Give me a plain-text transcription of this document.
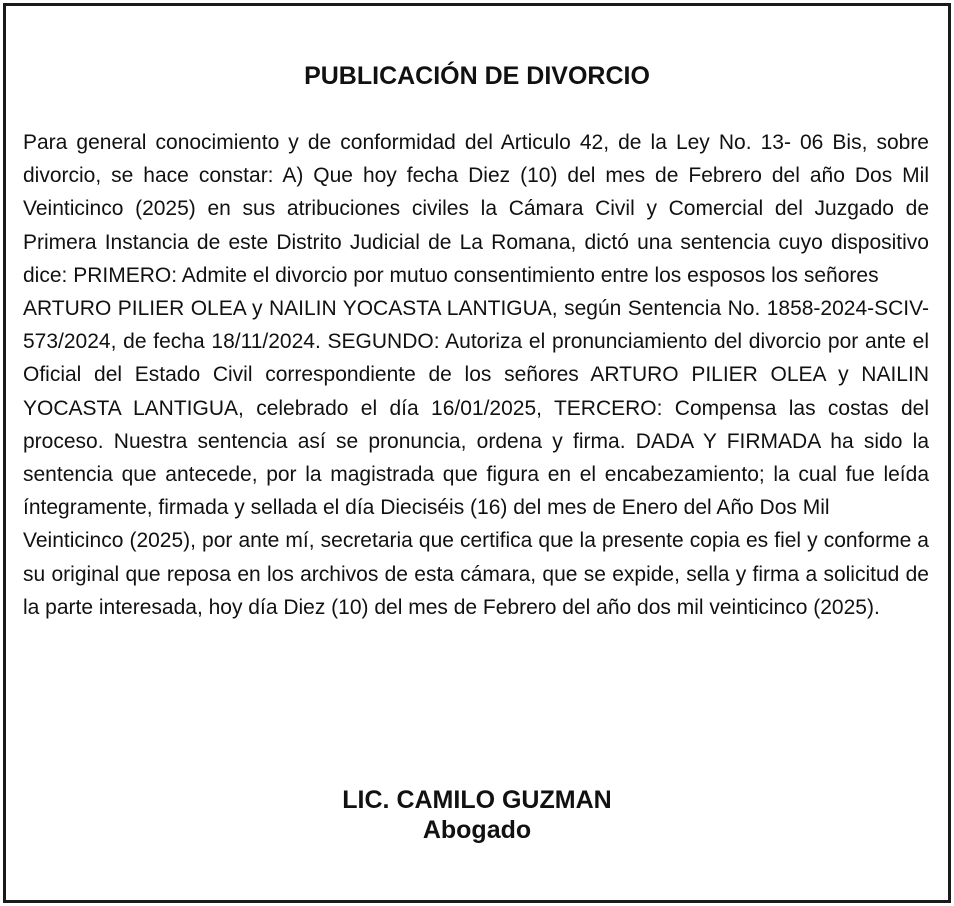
PUBLICACIÓN DE DIVORCIO

Para general conocimiento y de conformidad del Articulo 42, de la Ley No. 13- 06 Bis, sobre divorcio, se hace constar: A) Que hoy fecha Diez (10) del mes de Febrero del año Dos Mil Veinticinco (2025) en sus atribuciones civiles la Cámara Civil y Comercial del Juzgado de Primera Instancia de este Distrito Judicial de La Romana, dictó una sentencia cuyo dispositivo dice: PRIMERO: Admite el divorcio por mutuo consentimiento entre los esposos los señores

ARTURO PILIER OLEA y NAILIN YOCASTA LANTIGUA, según Sentencia No. 1858-2024-SCIV-573/2024, de fecha 18/11/2024. SEGUNDO: Autoriza el pronunciamiento del divorcio por ante el Oficial del Estado Civil correspondiente de los señores ARTURO PILIER OLEA y NAILIN YOCASTA LANTIGUA, celebrado el día 16/01/2025, TERCERO: Compensa las costas del proceso. Nuestra sentencia así se pronuncia, ordena y firma. DADA Y FIRMADA ha sido la sentencia que antecede, por la magistrada que figura en el encabezamiento; la cual fue leída íntegramente, firmada y sellada el día Dieciséis (16) del mes de Enero del Año Dos Mil

Veinticinco (2025), por ante mí, secretaria que certifica que la presente copia es fiel y conforme a su original que reposa en los archivos de esta cámara, que se expide, sella y firma a solicitud de la parte interesada, hoy día Diez (10) del mes de Febrero del año dos mil veinticinco (2025).

LIC. CAMILO GUZMAN
Abogado
